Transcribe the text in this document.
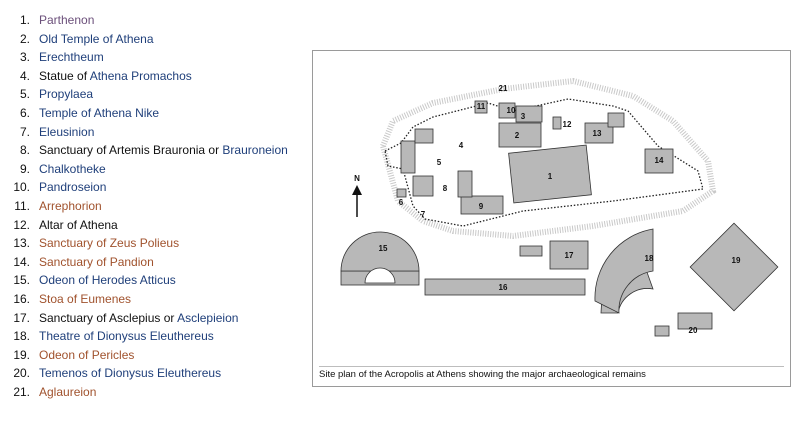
1. Parthenon
2. Old Temple of Athena
3. Erechtheum
4. Statue of Athena Promachos
5. Propylaea
6. Temple of Athena Nike
7. Eleusinion
8. Sanctuary of Artemis Brauronia or Brauroneion
9. Chalkotheke
10. Pandroseion
11. Arrephorion
12. Altar of Athena
13. Sanctuary of Zeus Polieus
14. Sanctuary of Pandion
15. Odeon of Herodes Atticus
16. Stoa of Eumenes
17. Sanctuary of Asclepius or Asclepieion
18. Theatre of Dionysus Eleuthereus
19. Odeon of Pericles
20. Temenos of Dionysus Eleuthereus
21. Aglaureion
1
2
3
4
5
6
7
8
9
10
11
12
13
14
15
16
17	18	19
20
21
N
Site plan of the Acropolis at Athens showing the major archaeological remains
